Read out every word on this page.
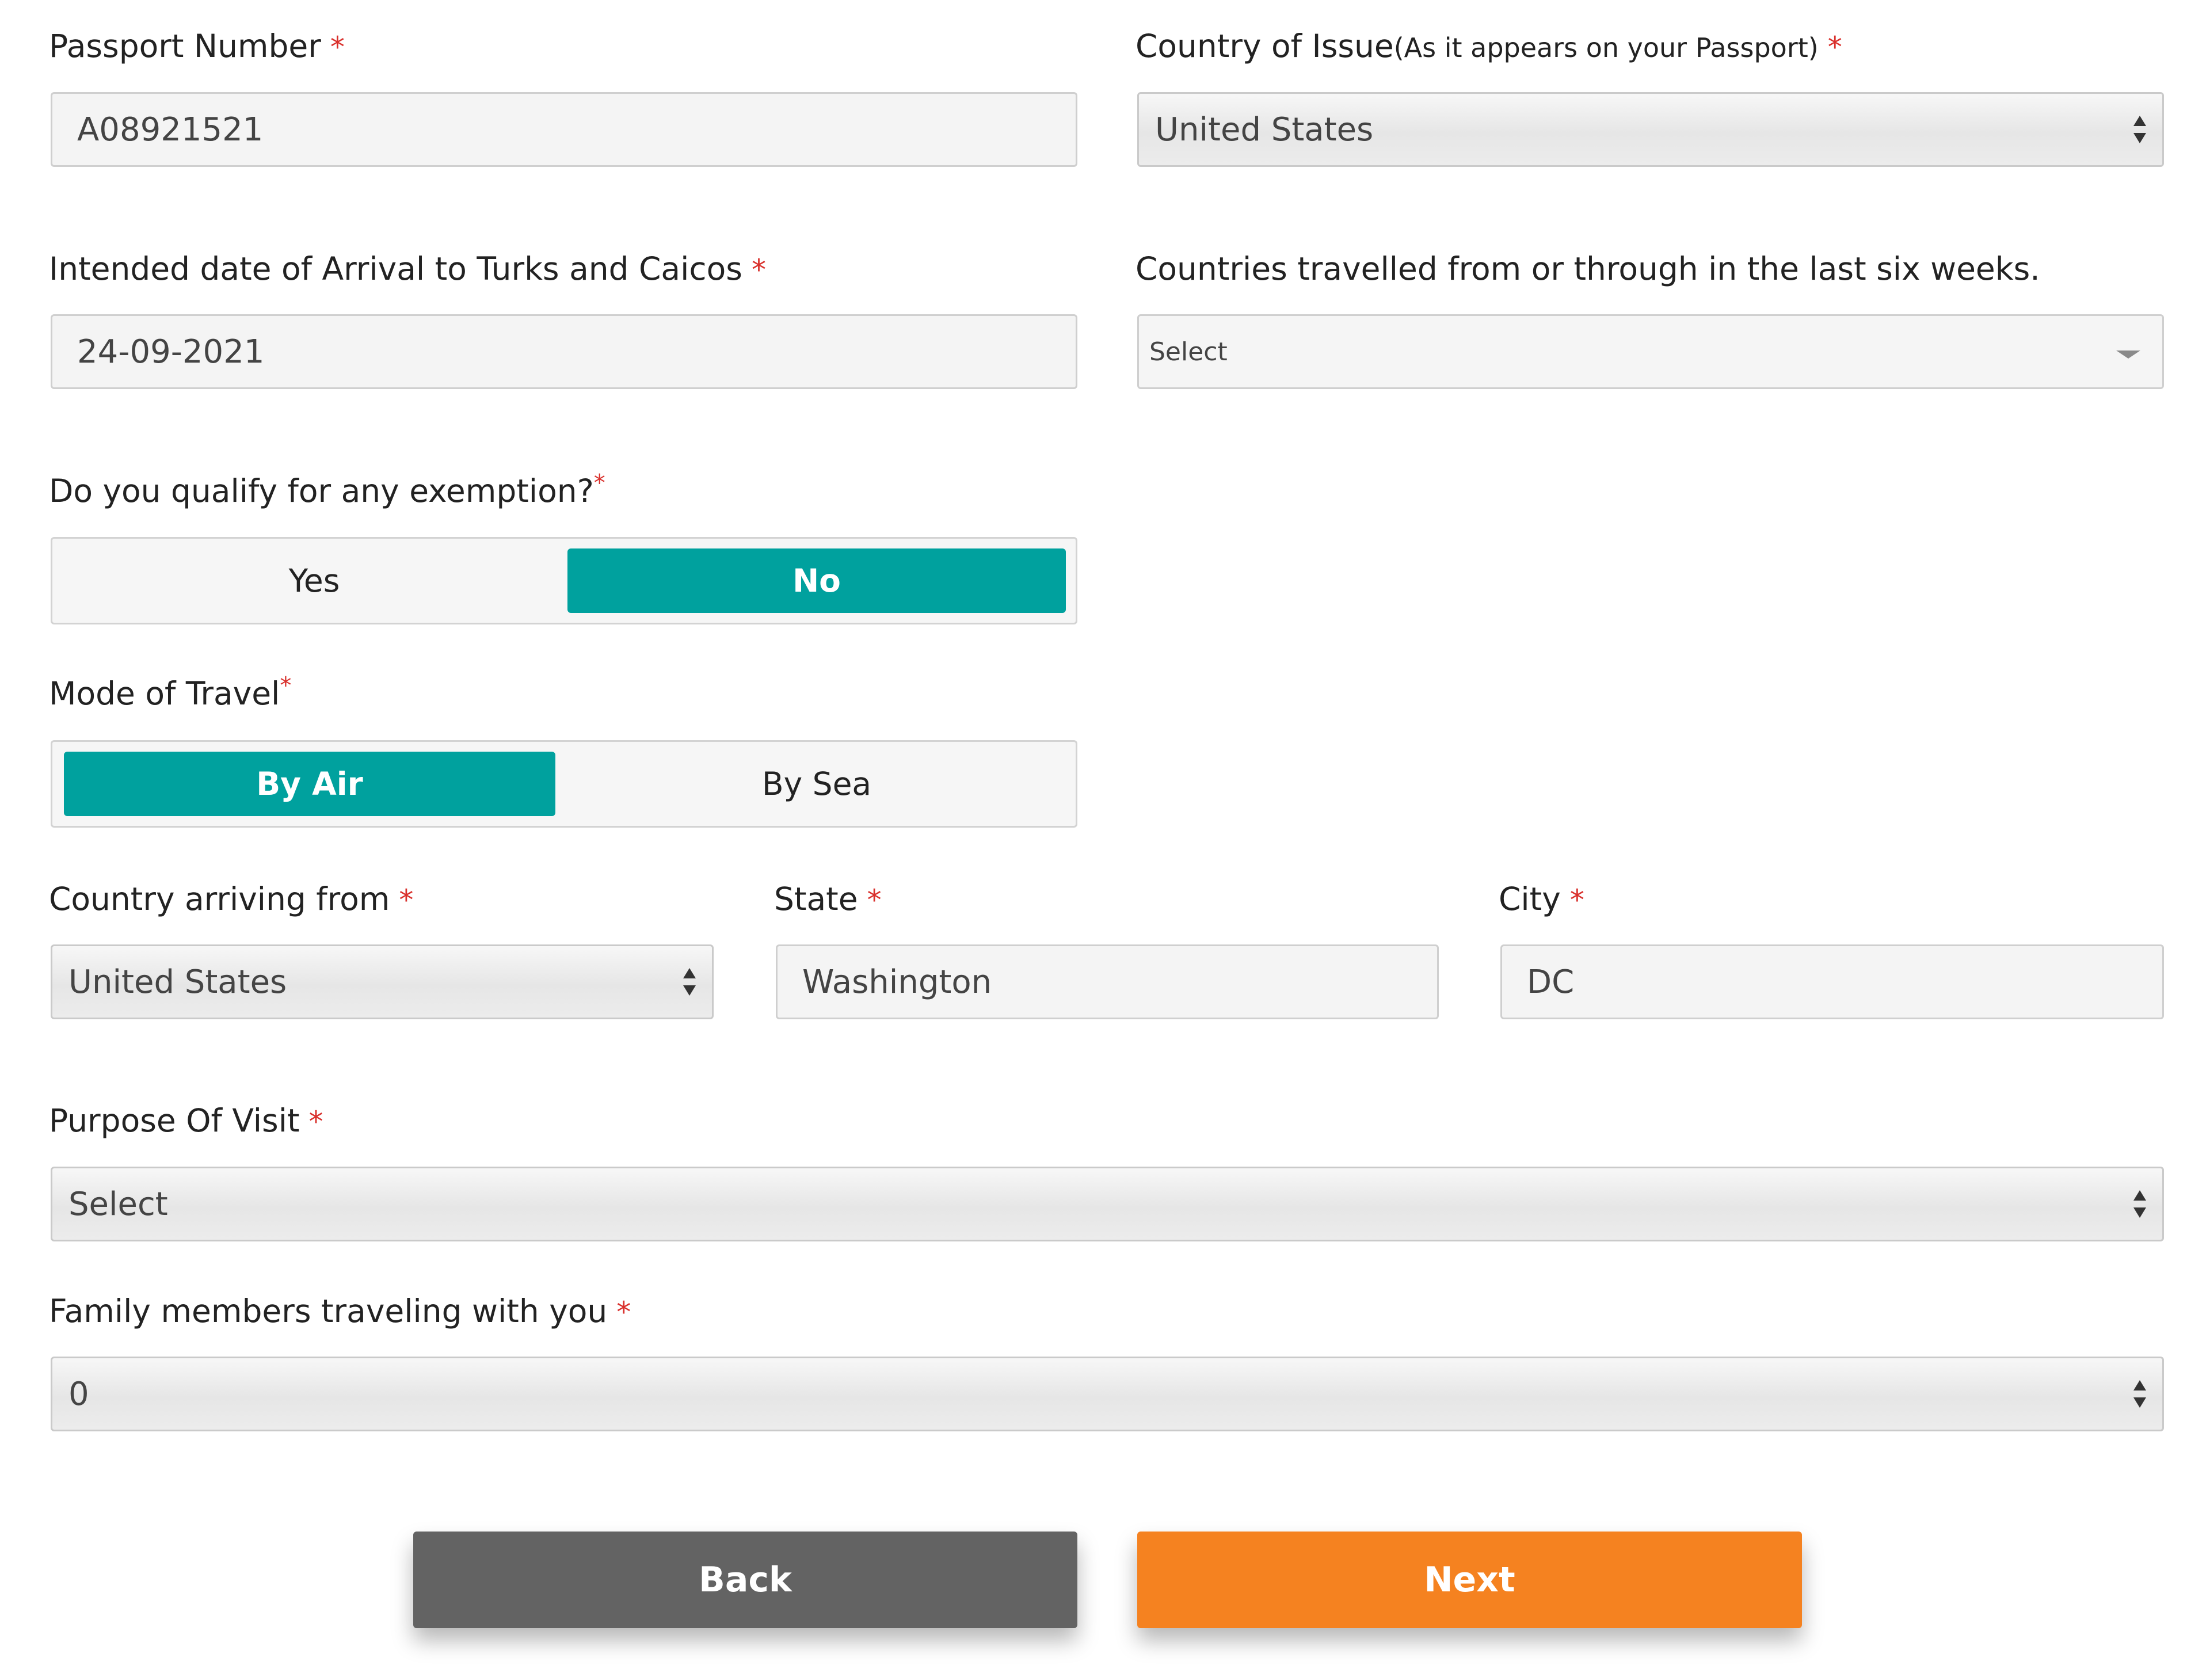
Passport Number *
A08921521
Country of Issue(As it appears on your Passport) *
United States
Intended date of Arrival to Turks and Caicos *
24-09-2021
Countries travelled from or through in the last six weeks.
Select
Do you qualify for any exemption?*
Yes	No
Mode of Travel*
By Air	By Sea
Country arriving from *
United States
State *
Washington
City *
DC
Purpose Of Visit *
Select
Family members traveling with you *
0
Back	Next
